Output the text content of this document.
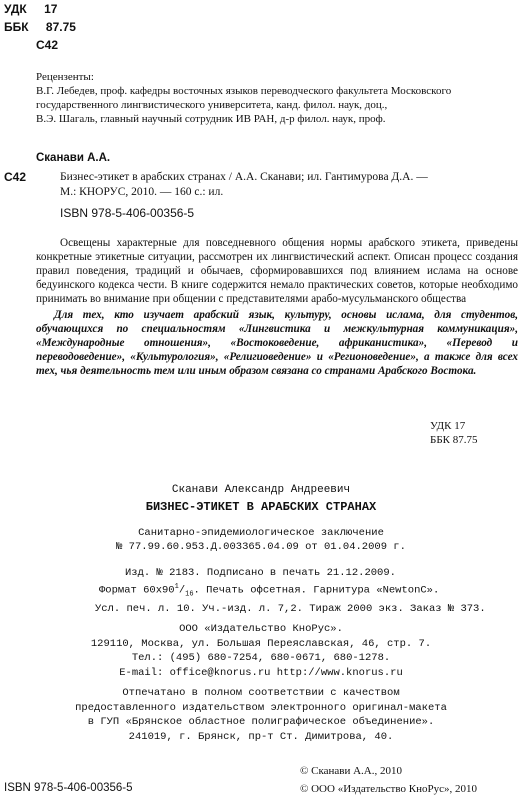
УДК 17
ББК 87.75
С42
Рецензенты:
В.Г. Лебедев, проф. кафедры восточных языков переводческого факультета Московского
государственного лингвистического университета, канд. филол. наук, доц.,
В.Э. Шагаль, главный научный сотрудник ИВ РАН, д-р филол. наук, проф.
Сканави А.А.
С42	Бизнес-этикет в арабских странах / А.А. Сканави; ил. Гантимурова Д.А. —
М.: КНОРУС, 2010. — 160 с.: ил.
ISBN 978-5-406-00356-5
Освещены характерные для повседневного общения нормы арабского этикета, приведены конкретные этикетные ситуации, рассмотрен их лингвистический аспект. Описан процесс создания правил поведения, традиций и обычаев, сформировавшихся под влиянием ислама на основе бедуинского кодекса чести. В книге содержится немало практических советов, которые необходимо принимать во внимание при общении с представителями арабо-мусульманского общества
Для тех, кто изучает арабский язык, культуру, основы ислама, для студентов, обучающихся по специальностям «Лингвистика и межкультурная коммуникация», «Международные отношения», «Востоковедение, африканистика», «Перевод и переводоведение», «Культурология», «Религиоведение» и «Регионоведение», а также для всех тех, чья деятельность тем или иным образом связана со странами Арабского Востока.
УДК 17
ББК 87.75
Сканави Александр Андреевич
БИЗНЕС-ЭТИКЕТ В АРАБСКИХ СТРАНАХ
Санитарно-эпидемиологическое заключение
№ 77.99.60.953.Д.003365.04.09 от 01.04.2009 г.
Изд. № 2183. Подписано в печать 21.12.2009.
Формат $60х90^1/_{16}$. Печать офсетная. Гарнитура «NewtonC».
Усл. печ. л. 10. Уч.-изд. л. 7,2. Тираж 2000 экз. Заказ № 373.
ООО «Издательство КноРус».
129110, Москва, ул. Большая Переяславская, 46, стр. 7.
Тел.: (495) 680-7254, 680-0671, 680-1278.
E-mail: office@knorus.ru http://www.knorus.ru
Отпечатано в полном соответствии с качеством
предоставленного издательством электронного оригинал-макета
в ГУП «Брянское областное полиграфическое объединение».
241019, г. Брянск, пр-т Ст. Димитрова, 40.
ISBN 978-5-406-00356-5
© Сканави А.А., 2010
© ООО «Издательство КноРус», 2010
